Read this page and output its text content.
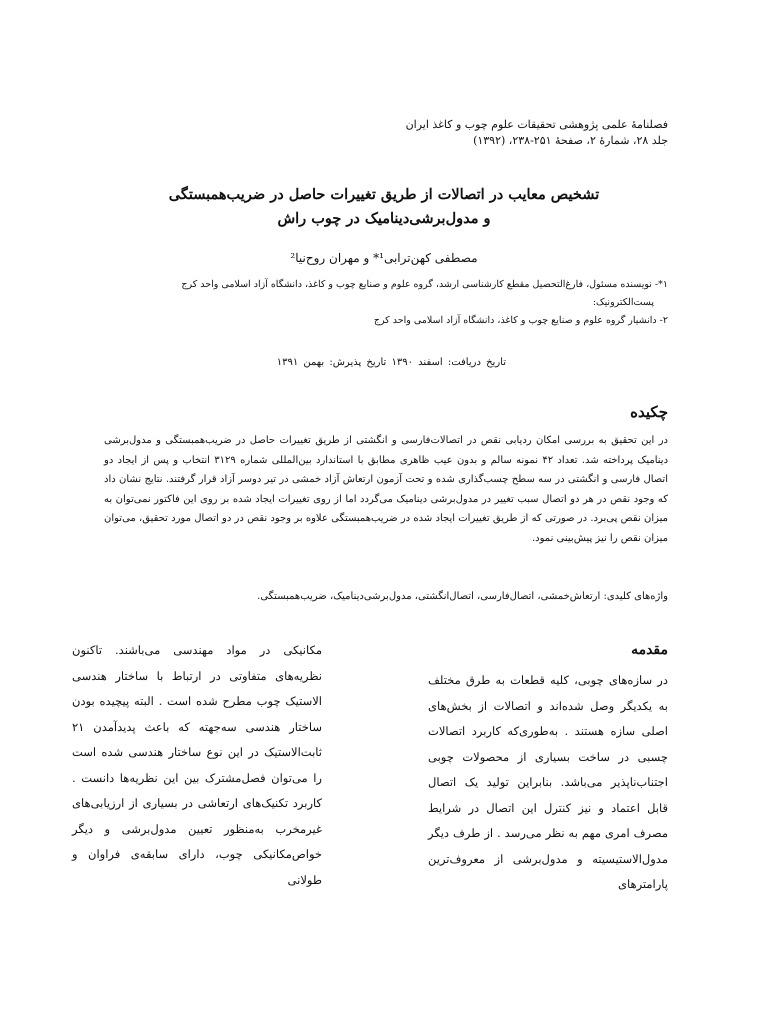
فصلنامۀ علمی پژوهشی تحقیقات علوم چوب و کاغذ ایران
جلد ۲۸، شمارۀ ۲، صفحۀ ۲۵۱-۲۳۸، (۱۳۹۲)
تشخیص معایب در اتصالات از طریق تغییرات حاصل در ضریب‌همبستگی
و مدول‌برشی‌دینامیک در چوب راش
مصطفی کهن‌ترابی¹* و مهران روح‌نیا²
۱*- نویسنده مسئول، فارغ‌التحصیل مقطع کارشناسی ارشد، گروه علوم و صنایع چوب و کاغذ، دانشگاه آزاد اسلامی واحد کرج
پست‌الکترونیک:
۲- دانشیار گروه علوم و صنایع چوب و کاغذ، دانشگاه آزاد اسلامی واحد کرج
تاریخ دریافت: اسفند ۱۳۹۰ تاریخ پذیرش: بهمن ۱۳۹۱
چکیده

در این تحقیق به بررسی امکان ردیابی نقص در اتصالات‌فارسی و انگشتی از طریق تغییرات حاصل در ضریب‌همبستگی و مدول‌برشی دینامیک پرداخته شد. تعداد ۴۲ نمونه سالم و بدون عیب ظاهری مطابق با استاندارد بین‌المللی شماره ۳۱۲۹ انتخاب و پس از ایجاد دو اتصال فارسی و انگشتی در سه سطح چسب‌گذاری شده و تحت آزمون ارتعاش آزاد خمشی در تیر دوسر آزاد قرار گرفتند. نتایج نشان داد که وجود نقص در هر دو اتصال سبب تغییر در مدول‌برشی دینامیک می‌گردد اما از روی تغییرات ایجاد شده بر روی این فاکتور نمی‌توان به میزان نقص پی‌برد. در صورتی که از طریق تغییرات ایجاد شده در ضریب‌همبستگی علاوه بر وجود نقص در دو اتصال مورد تحقیق، می‌توان میزان نقص را نیز پیش‌بینی نمود.

واژه‌های کلیدی: ارتعاش‌خمشی، اتصال‌فارسی، اتصال‌انگشتی، مدول‌برشی‌دینامیک، ضریب‌همبستگی.
مقدمه

در سازه‌های چوبی، کلیه قطعات به طرق مختلف به یکدیگر وصل شده‌اند و اتصالات از بخش‌های اصلی سازه هستند . به‌طوری‌که کاربرد اتصالات چسبی در ساخت بسیاری از محصولات چوبی اجتناب‌ناپذیر می‌باشد. بنابراین تولید یک اتصال قابل اعتماد و نیز کنترل این اتصال در شرایط مصرف امری مهم به نظر می‌رسد . از طرف دیگر مدول‌الاستیسیته و مدول‌برشی از معروف‌ترین پارامترهای

مکانیکی در مواد مهندسی می‌باشند. تاکنون نظریه‌های متفاوتی در ارتباط با ساختار هندسی الاستیک چوب مطرح شده است . البته پیچیده بودن ساختار هندسی سه‌جهته که باعث پدیدآمدن ۲۱ ثابت‌الاستیک در این نوع ساختار هندسی شده است را می‌توان فصل‌مشترک بین این نظریه‌ها دانست . کاربرد تکنیک‌های ارتعاشی در بسیاری از ارزیابی‌های غیرمخرب به‌منظور تعیین مدول‌برشی و دیگر خواص‌مکانیکی چوب، دارای سابقه‌ی فراوان و طولانی
